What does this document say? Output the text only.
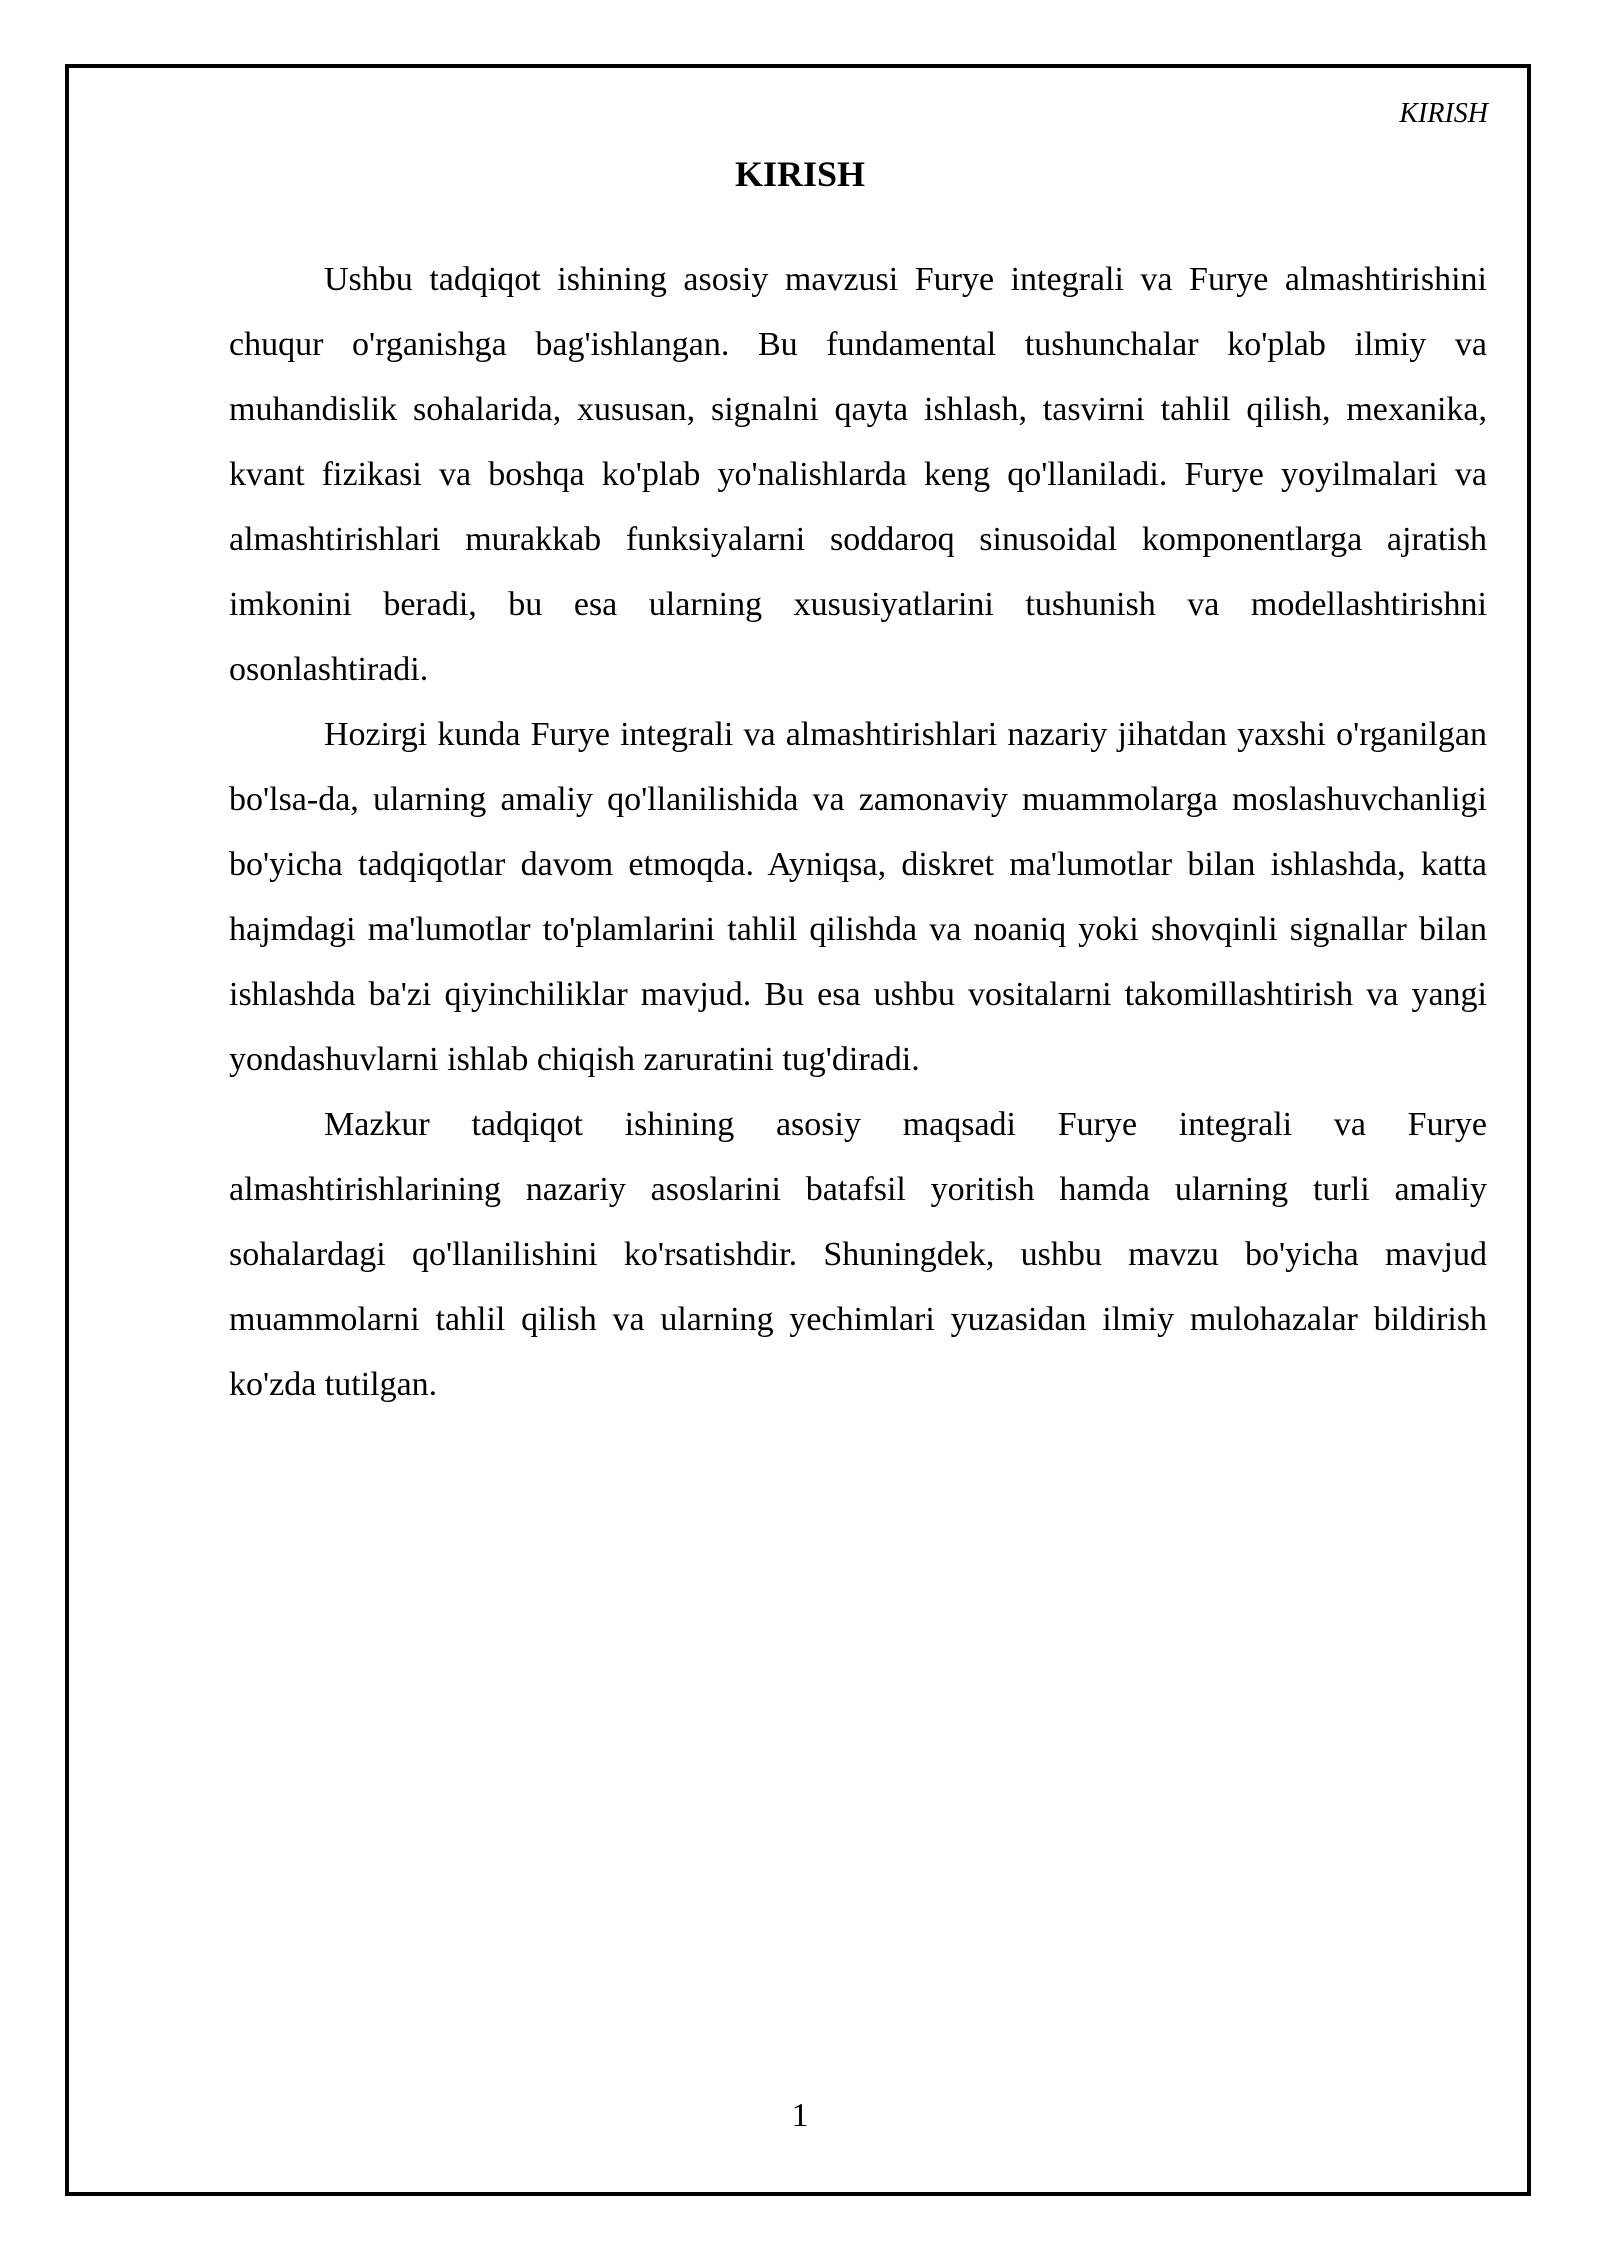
KIRISH

KIRISH

Ushbu tadqiqot ishining asosiy mavzusi Furye integrali va Furye almashtirishini chuqur o'rganishga bag'ishlangan. Bu fundamental tushunchalar ko'plab ilmiy va muhandislik sohalarida, xususan, signalni qayta ishlash, tasvirni tahlil qilish, mexanika, kvant fizikasi va boshqa ko'plab yo'nalishlarda keng qo'llaniladi. Furye yoyilmalari va almashtirishlari murakkab funksiyalarni soddaroq sinusoidal komponentlarga ajratish imkonini beradi, bu esa ularning xususiyatlarini tushunish va modellashtirishni osonlashtiradi.

Hozirgi kunda Furye integrali va almashtirishlari nazariy jihatdan yaxshi o'rganilgan bo'lsa-da, ularning amaliy qo'llanilishida va zamonaviy muammolarga moslashuvchanligi bo'yicha tadqiqotlar davom etmoqda. Ayniqsa, diskret ma'lumotlar bilan ishlashda, katta hajmdagi ma'lumotlar to'plamlarini tahlil qilishda va noaniq yoki shovqinli signallar bilan ishlashda ba'zi qiyinchiliklar mavjud. Bu esa ushbu vositalarni takomillashtirish va yangi yondashuvlarni ishlab chiqish zaruratini tug'diradi.

Mazkur tadqiqot ishining asosiy maqsadi Furye integrali va Furye almashtirishlarining nazariy asoslarini batafsil yoritish hamda ularning turli amaliy sohalardagi qo'llanilishini ko'rsatishdir. Shuningdek, ushbu mavzu bo'yicha mavjud muammolarni tahlil qilish va ularning yechimlari yuzasidan ilmiy mulohazalar bildirish ko'zda tutilgan.

1
